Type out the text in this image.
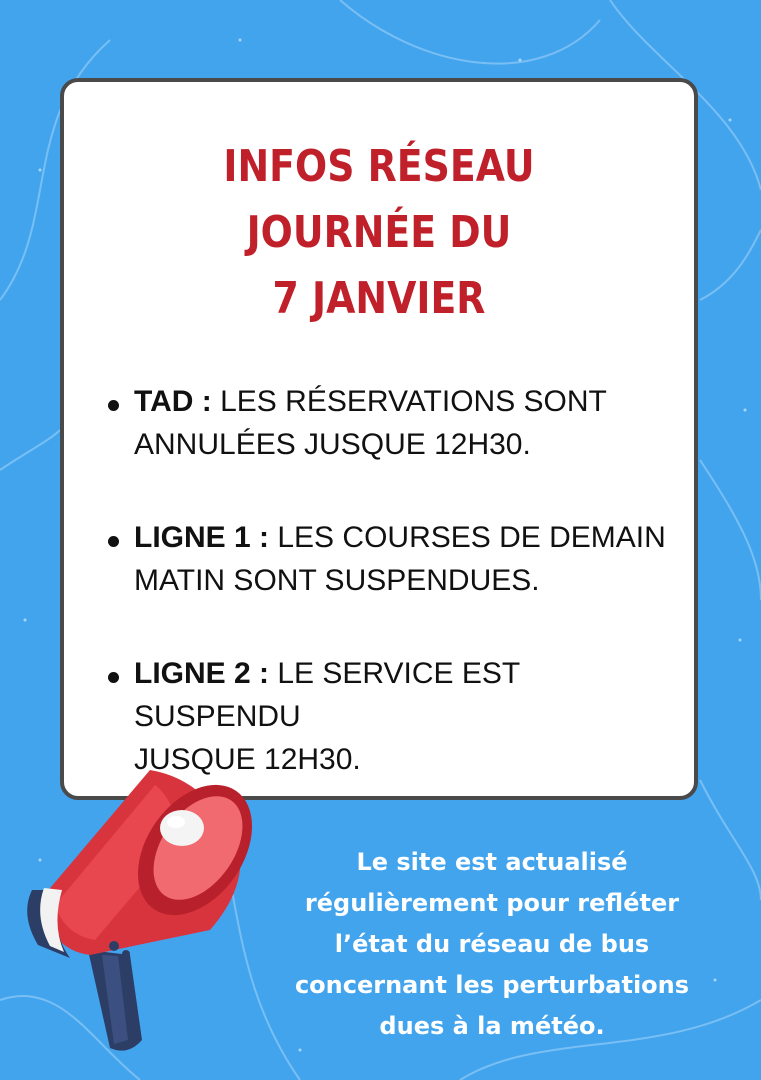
INFOS RÉSEAU
JOURNÉE DU
7 JANVIER
TAD : LES RÉSERVATIONS SONT
ANNULÉES JUSQUE 12H30.
LIGNE 1 : LES COURSES DE DEMAIN
MATIN SONT SUSPENDUES.
LIGNE 2 : LE SERVICE EST SUSPENDU
JUSQUE 12H30.
Le site est actualisé
régulièrement pour refléter
l’état du réseau de bus
concernant les perturbations
dues à la météo.
